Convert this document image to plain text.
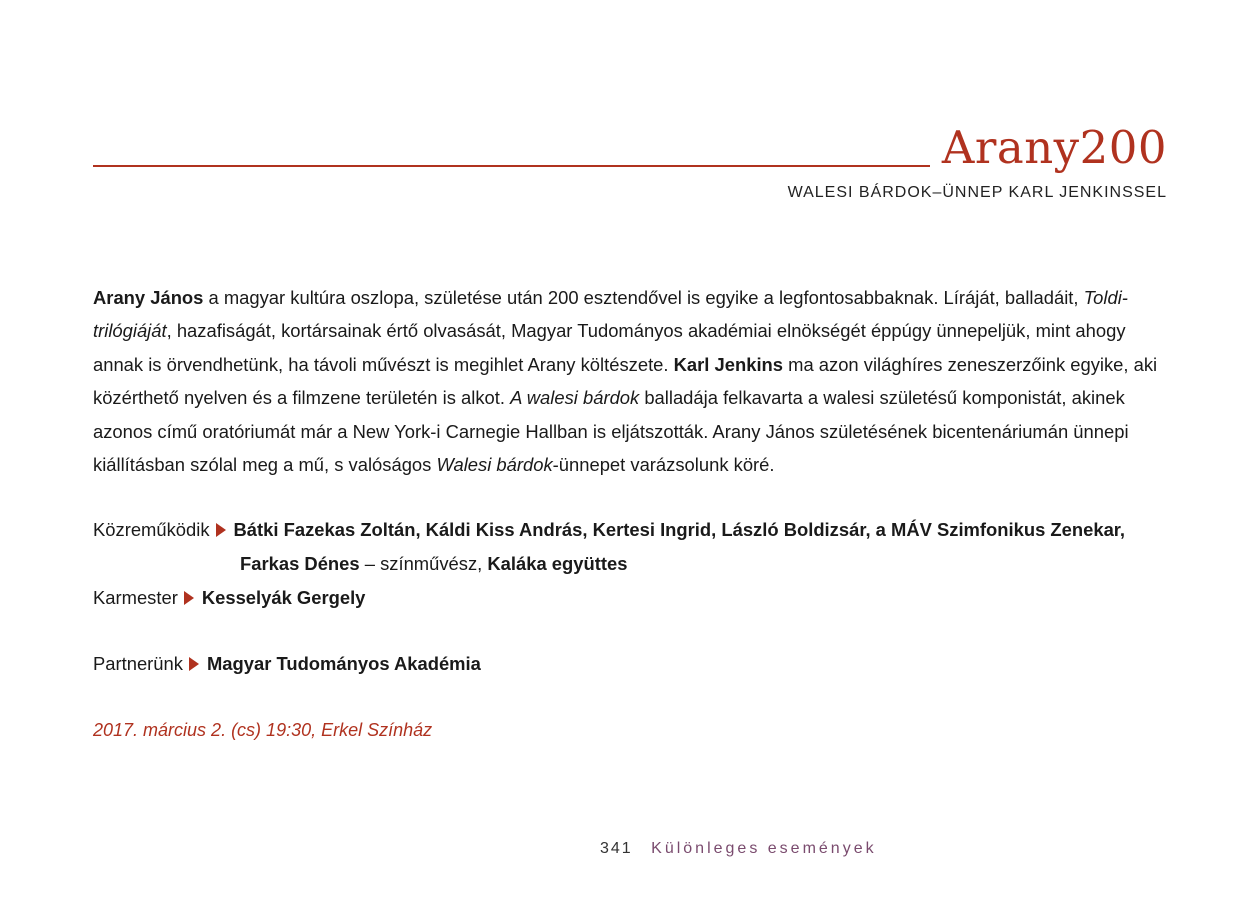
Arany200
WALESI BÁRDOK–ÜNNEP KARL JENKINSSEL

Arany János a magyar kultúra oszlopa, születése után 200 esztendővel is egyike a legfontosabbaknak. Líráját, balladáit, Toldi-trilógiáját, hazafiságát, kortársainak értő olvasását, Magyar Tudományos akadémiai elnökségét éppúgy ünnepeljük, mint ahogy annak is örvendhetünk, ha távoli művészt is megihlet Arany költészete. Karl Jenkins ma azon világhíres zeneszerzőink egyike, aki közérthető nyelven és a filmzene területén is alkot. A walesi bárdok balladája felkavarta a walesi születésű komponistát, akinek azonos című oratóriumát már a New York-i Carnegie Hallban is eljátszották. Arany János születésének bicentenáriumán ünnepi kiállításban szólal meg a mű, s valóságos Walesi bárdok-ünnepet varázsolunk köré.

Közreműködik Bátki Fazekas Zoltán, Káldi Kiss András, Kertesi Ingrid, László Boldizsár, a MÁV Szimfonikus Zenekar,
Farkas Dénes – színművész, Kaláka együttes
Karmester Kesselyák Gergely
Partnerünk Magyar Tudományos Akadémia
2017. március 2. (cs) 19:30, Erkel Színház
341 Különleges események
